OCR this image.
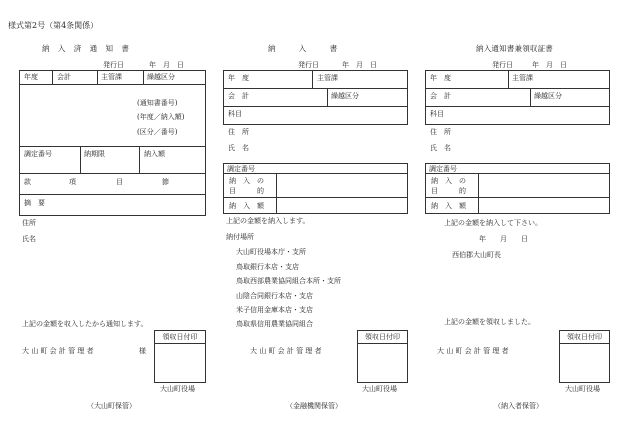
様式第2号（第4条関係）
納 入 済 通 知 書
発行日	年　月　日
年度	会計	主管課	繰越区分
(通知書番号)
(年度／納入額)
(区分／番号)
調定番号	納期限	納入額
款	項	目	節
摘　要
住所
氏名
上記の金額を収入したから通知します。
大 山 町 会 計 管 理 者	様
領収日付印
大山町役場
（大山町保管）
納　　　入　　　書
発行日	年　月　日
年　度	主管課
会　計	繰越区分
科目
住　所
氏　名
調定番号
納　入　の
目　　　的
納　入　額
上記の金額を納入します。
納付場所
大山町役場本庁・支所
鳥取銀行本店・支店
鳥取西部農業協同組合本所・支所
山陰合同銀行本店・支店
米子信用金庫本店・支店
鳥取県信用農業協同組合
大 山 町 会 計 管 理 者
領収日付印
大山町役場
（金融機関保管）
納入通知書兼領収証書
発行日	年　月　日
年　度	主管課
会　計	繰越区分
科目
住　所
氏　名
調定番号
納　入　の
目　　　的
納　入　額
上記の金額を納入して下さい。
年　　月　　日
西伯郡大山町長
上記の金額を領収しました。
大 山 町 会 計 管 理 者
領収日付印
大山町役場
（納入者保管）
